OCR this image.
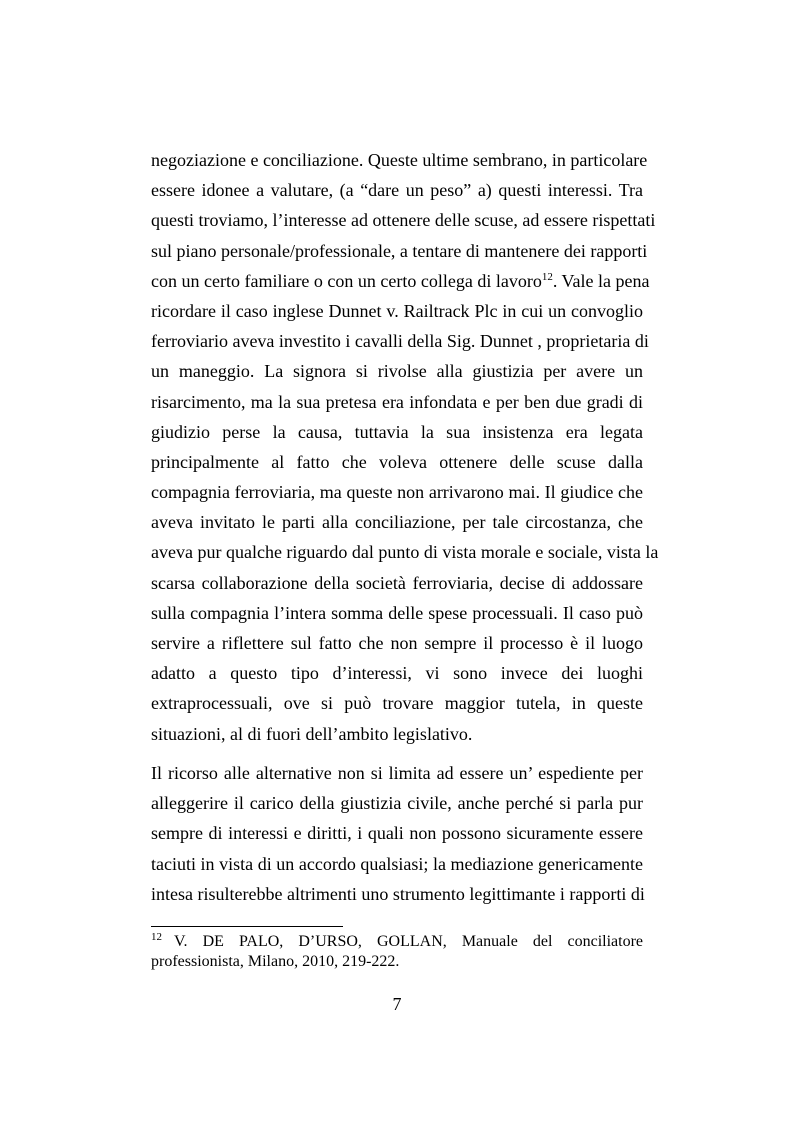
negoziazione e conciliazione. Queste ultime sembrano, in particolare
essere idonee a valutare, (a “dare un peso” a) questi interessi. Tra
questi troviamo, l’interesse ad ottenere delle scuse, ad essere rispettati
sul piano personale/professionale, a tentare di mantenere dei rapporti
con un certo familiare o con un certo collega di lavoro$^{12}$. Vale la pena
ricordare il caso inglese Dunnet v. Railtrack Plc in cui un convoglio
ferroviario aveva investito i cavalli della Sig. Dunnet , proprietaria di
un maneggio. La signora si rivolse alla giustizia per avere un
risarcimento, ma la sua pretesa era infondata e per ben due gradi di
giudizio perse la causa, tuttavia la sua insistenza era legata
principalmente al fatto che voleva ottenere delle scuse dalla
compagnia ferroviaria, ma queste non arrivarono mai. Il giudice che
aveva invitato le parti alla conciliazione, per tale circostanza, che
aveva pur qualche riguardo dal punto di vista morale e sociale, vista la
scarsa collaborazione della società ferroviaria, decise di addossare
sulla compagnia l’intera somma delle spese processuali. Il caso può
servire a riflettere sul fatto che non sempre il processo è il luogo
adatto a questo tipo d’interessi, vi sono invece dei luoghi
extraprocessuali, ove si può trovare maggior tutela, in queste
situazioni, al di fuori dell’ambito legislativo.
Il ricorso alle alternative non si limita ad essere un’ espediente per
alleggerire il carico della giustizia civile, anche perché si parla pur
sempre di interessi e diritti, i quali non possono sicuramente essere
taciuti in vista di un accordo qualsiasi; la mediazione genericamente
intesa risulterebbe altrimenti uno strumento legittimante i rapporti di
$^{12}$ V. DE PALO, D’URSO, GOLLAN, Manuale del conciliatore
professionista, Milano, 2010, 219-222.
7
